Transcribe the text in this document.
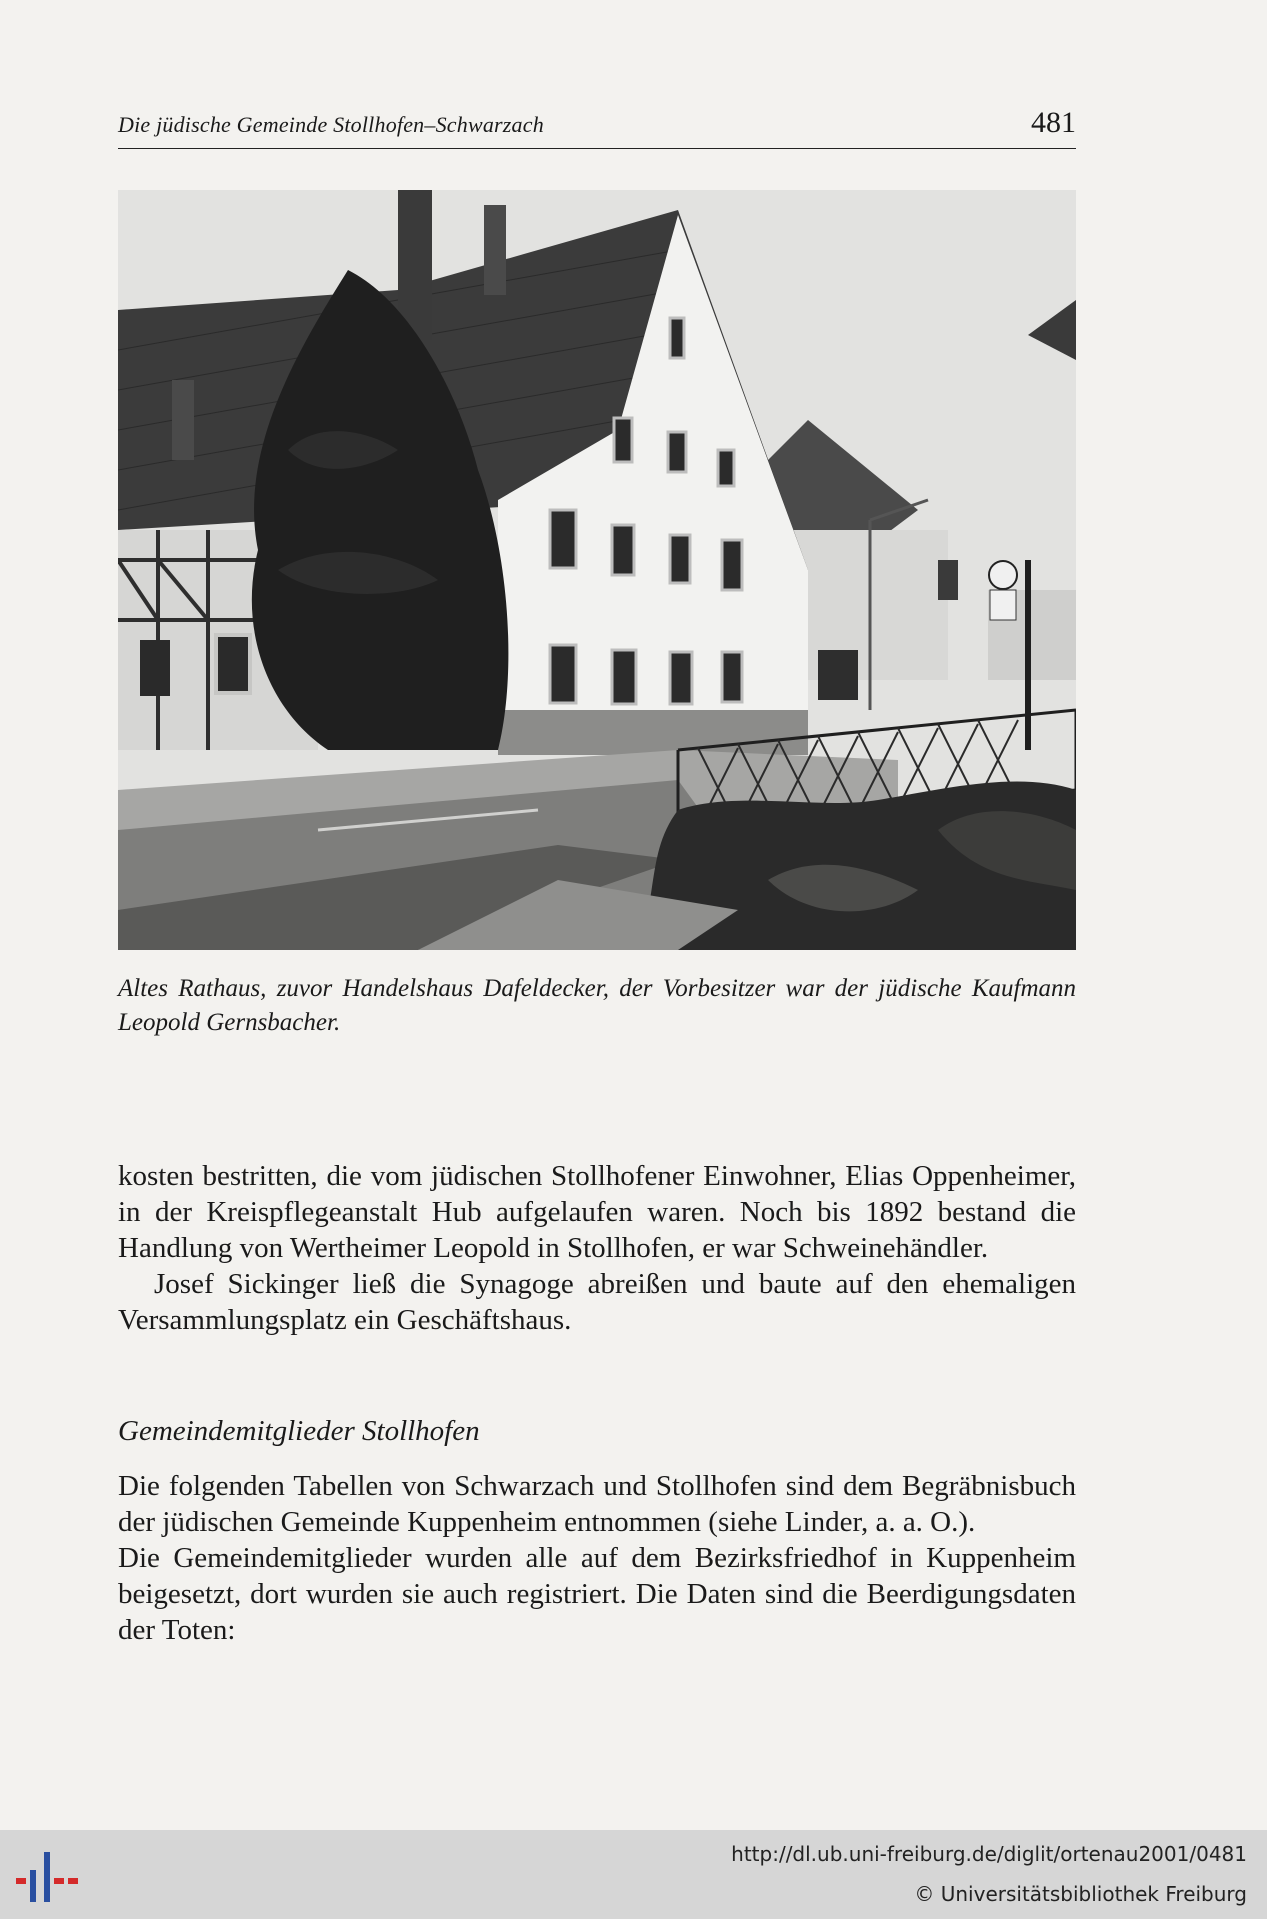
Die jüdische Gemeinde Stollhofen–Schwarzach	481
Altes Rathaus, zuvor Handelshaus Dafeldecker, der Vorbesitzer war der jüdische Kaufmann Leopold Gernsbacher.

kosten bestritten, die vom jüdischen Stollhofener Einwohner, Elias Oppenheimer, in der Kreispflegeanstalt Hub aufgelaufen waren. Noch bis 1892 bestand die Handlung von Wertheimer Leopold in Stollhofen, er war Schweinehändler.

Josef Sickinger ließ die Synagoge abreißen und baute auf den ehemaligen Versammlungsplatz ein Geschäftshaus.

Gemeindemitglieder Stollhofen

Die folgenden Tabellen von Schwarzach und Stollhofen sind dem Begräbnisbuch der jüdischen Gemeinde Kuppenheim entnommen (siehe Linder, a. a. O.).

Die Gemeindemitglieder wurden alle auf dem Bezirksfriedhof in Kuppenheim beigesetzt, dort wurden sie auch registriert. Die Daten sind die Beerdigungsdaten der Toten:

http://dl.ub.uni-freiburg.de/diglit/ortenau2001/0481
© Universitätsbibliothek Freiburg
